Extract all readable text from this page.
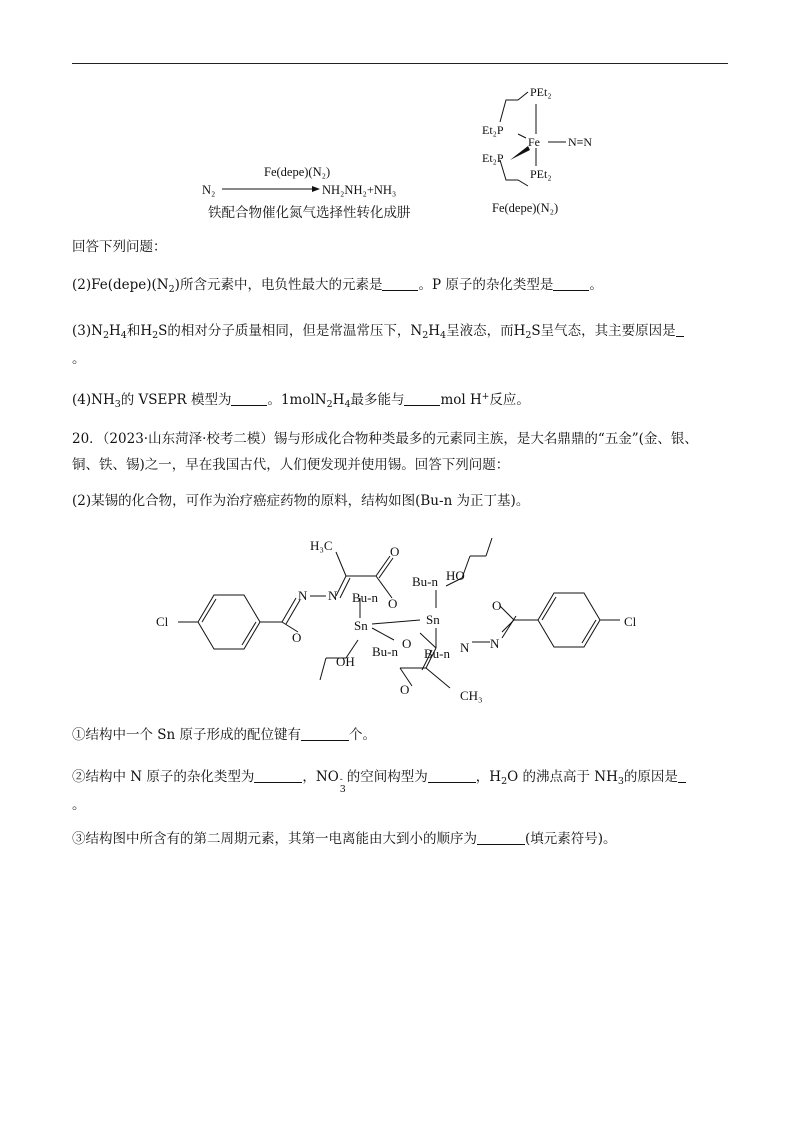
Fe(depe)(N₂)
N₂	NH₂NH₂+NH₃
铁配合物催化氮气选择性转化成肼
PEt₂
Et₂P
Fe N≡N
Et₂P
PEt₂
Fe(depe)(N₂)
回答下列问题：
$(2)Fe(depe)(N_2)$所含元素中，电负性最大的元素是	。P 原子的杂化类型是	。
$(3)N_2H_4$和$H_2S$的相对分子质量相同，但是常温常压下，$N_2H_4$呈液态，而$H_2S$呈气态，其主要原因是
。
$(4)NH_3$的 VSEPR 模型为	。$1molN_2H_4$最多能与	mol H+反应。
20．（2023·山东菏泽·校考二模）锡与形成化合物种类最多的元素同主族，是大名鼎鼎的“五金”(金、银、
铜、铁、锡)之一，早在我国古代，人们便发现并使用锡。回答下列问题：
(2)某锡的化合物，可作为治疗癌症药物的原料，结构如图(Bu-n 为正丁基)。
Cl
O
N N
H₃C	O
Bu-n HO
Bu-n O
Sn	Sn
O
Bu-n Bu-n N N
O
OH
O	CH₃
Cl
①结构中一个 Sn 原子形成的配位键有	个。
②结构中 N 原子的杂化类型为	，NO -
3
的空间构型为	，$H_2O$ 的沸点高于 $NH_3$的原因是
。
③结构图中所含有的第二周期元素，其第一电离能由大到小的顺序为	(填元素符号)。
